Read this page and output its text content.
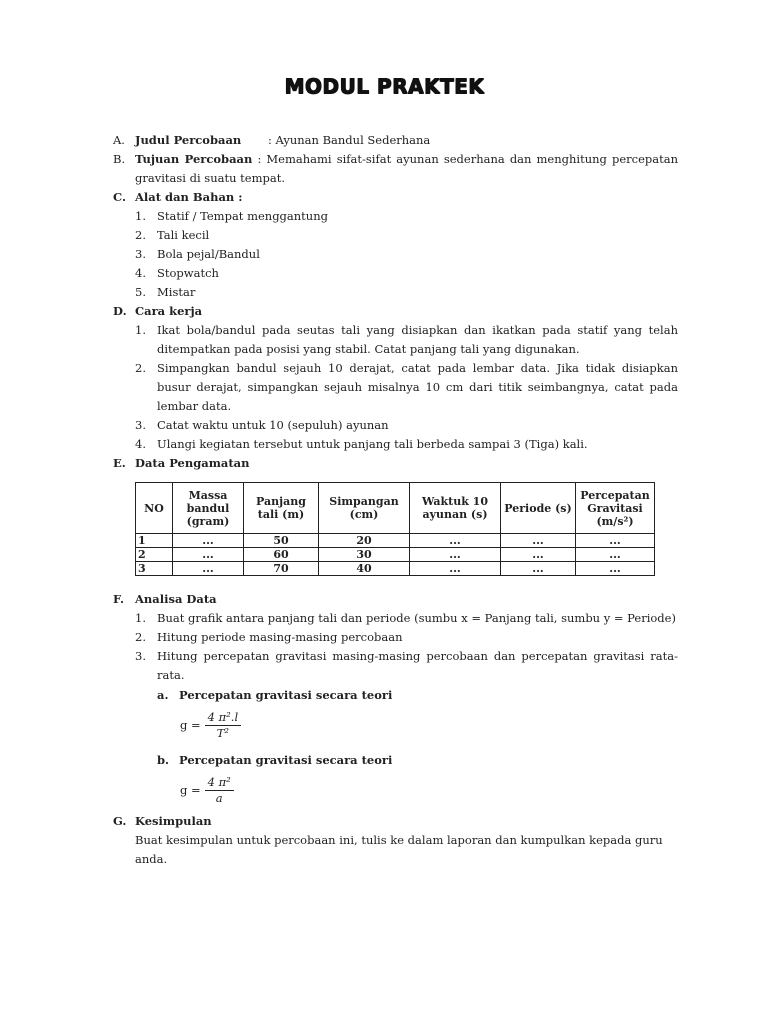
MODUL PRAKTEK
A. Judul Percobaan	: Ayunan Bandul Sederhana
B. Tujuan Percobaan : Memahami sifat-sifat ayunan sederhana dan menghitung percepatan gravitasi di suatu tempat.
C. Alat dan Bahan :
1. Statif / Tempat menggantung
2. Tali kecil
3. Bola pejal/Bandul
4. Stopwatch
5. Mistar
D. Cara kerja
1. Ikat bola/bandul pada seutas tali yang disiapkan dan ikatkan pada statif yang telah ditempatkan pada posisi yang stabil. Catat panjang tali yang digunakan.
2. Simpangkan bandul sejauh 10 derajat, catat pada lembar data. Jika tidak disiapkan busur derajat, simpangkan sejauh misalnya 10 cm dari titik seimbangnya, catat pada lembar data.
3. Catat waktu untuk 10 (sepuluh) ayunan
4. Ulangi kegiatan tersebut untuk panjang tali berbeda sampai 3 (Tiga) kali.
E. Data Pengamatan
NO	Massa bandul (gram)	Panjang tali (m)	Simpangan (cm)	Waktuk 10 ayunan (s)	Periode (s)	Percepatan Gravitasi (m/s²)
1	...	50	20	...	...	...
2	...	60	30	...	...	...
3	...	70	40	...	...	...
F. Analisa Data
1. Buat grafik antara panjang tali dan periode (sumbu x = Panjang tali, sumbu y = Periode)
2. Hitung periode masing-masing percobaan
3. Hitung percepatan gravitasi masing-masing percobaan dan percepatan gravitasi rata-rata.
a. Percepatan gravitasi secara teori
$g = \frac{\text{4 π².l}}{\text{T²}}$
b. Percepatan gravitasi secara teori
$g = \frac{\text{4 π²}}{a}$
G. Kesimpulan
Buat kesimpulan untuk percobaan ini, tulis ke dalam laporan dan kumpulkan kepada guru anda.
